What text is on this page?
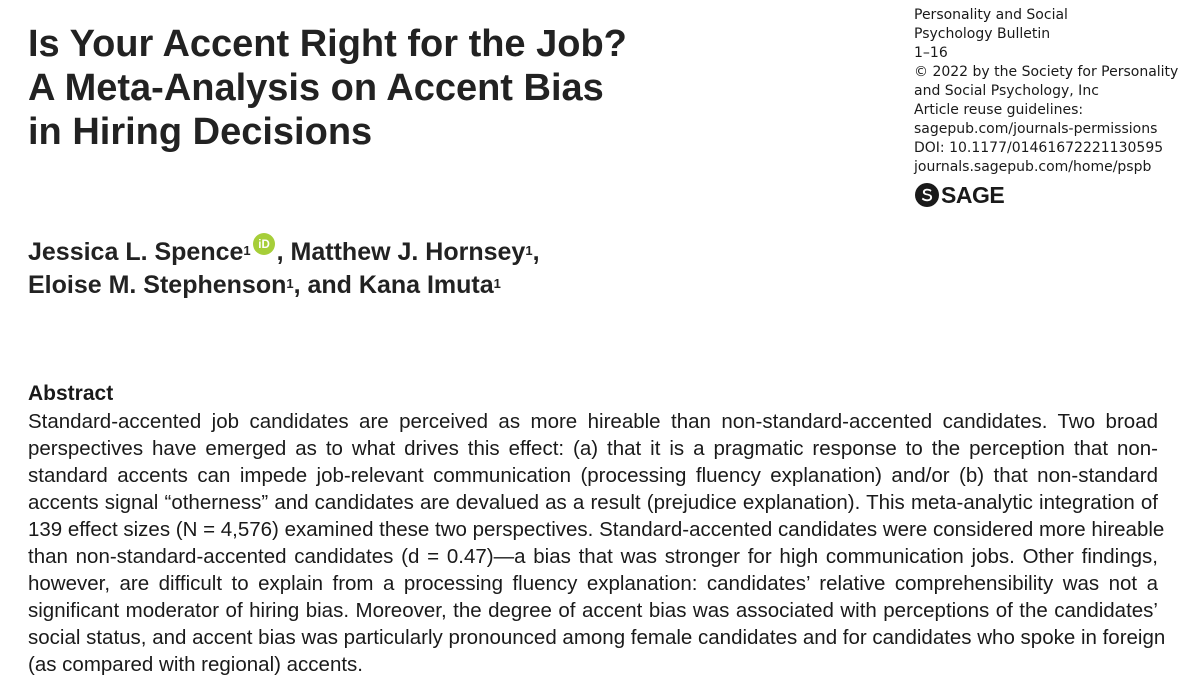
Is Your Accent Right for the Job?
A Meta-Analysis on Accent Bias
in Hiring Decisions
Personality and Social
Psychology Bulletin
1–16
© 2022 by the Society for Personality
and Social Psychology, Inc
Article reuse guidelines:
sagepub.com/journals-permissions
DOI: 10.1177/01461672221130595
journals.sagepub.com/home/pspb
SAGE
Jessica L. Spence$^1$ iD , Matthew J. Hornsey$^1$,
Eloise M. Stephenson$^1$, and Kana Imuta$^1$
Abstract

Standard-accented job candidates are perceived as more hireable than non-standard-accented candidates. Two broad
perspectives have emerged as to what drives this effect: (a) that it is a pragmatic response to the perception that non-
standard accents can impede job-relevant communication (processing fluency explanation) and/or (b) that non-standard
accents signal “otherness” and candidates are devalued as a result (prejudice explanation). This meta-analytic integration of
139 effect sizes (N = 4,576) examined these two perspectives. Standard-accented candidates were considered more hireable
than non-standard-accented candidates (d = 0.47)—a bias that was stronger for high communication jobs. Other findings,
however, are difficult to explain from a processing fluency explanation: candidates’ relative comprehensibility was not a
significant moderator of hiring bias. Moreover, the degree of accent bias was associated with perceptions of the candidates’
social status, and accent bias was particularly pronounced among female candidates and for candidates who spoke in foreign
(as compared with regional) accents.
